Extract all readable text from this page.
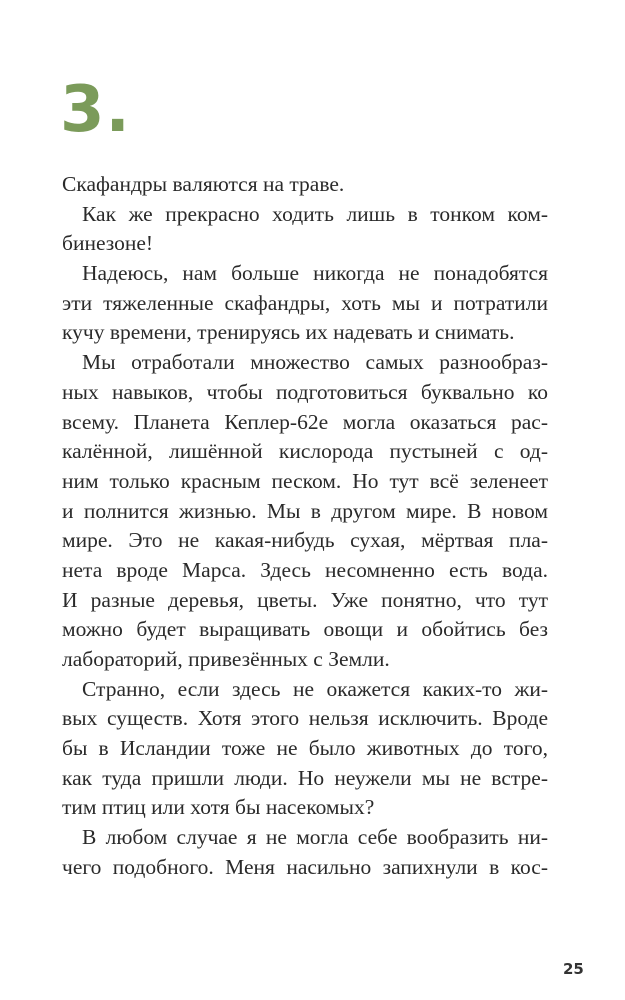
3.
Скафандры валяются на траве.
Как же прекрасно ходить лишь в тонком ком-
бинезоне!
Надеюсь, нам больше никогда не понадобятся
эти тяжеленные скафандры, хоть мы и потратили
кучу времени, тренируясь их надевать и снимать.
Мы отработали множество самых разнообраз-
ных навыков, чтобы подготовиться буквально ко
всему. Планета Кеплер-62е могла оказаться рас-
калённой, лишённой кислорода пустыней с од-
ним только красным песком. Но тут всё зеленеет
и полнится жизнью. Мы в другом мире. В новом
мире. Это не какая-нибудь сухая, мёртвая пла-
нета вроде Марса. Здесь несомненно есть вода.
И разные деревья, цветы. Уже понятно, что тут
можно будет выращивать овощи и обойтись без
лабораторий, привезённых с Земли.
Странно, если здесь не окажется каких-то жи-
вых существ. Хотя этого нельзя исключить. Вроде
бы в Исландии тоже не было животных до того,
как туда пришли люди. Но неужели мы не встре-
тим птиц или хотя бы насекомых?
В любом случае я не могла себе вообразить ни-
чего подобного. Меня насильно запихнули в кос-
25
